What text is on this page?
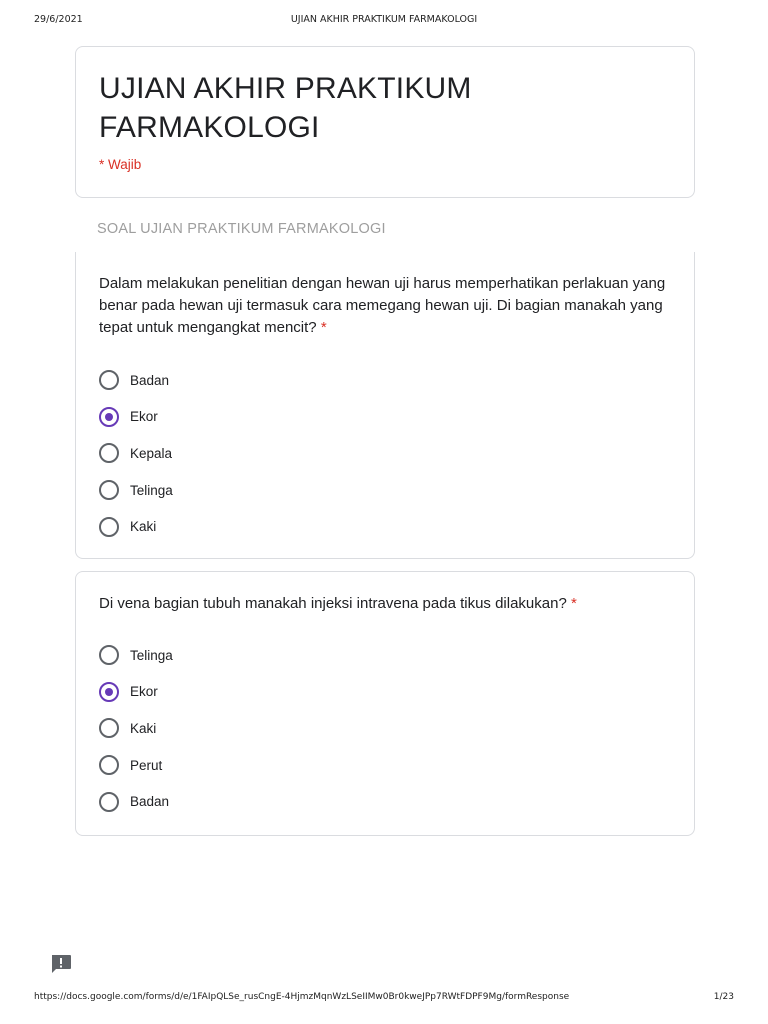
29/6/2021	UJIAN AKHIR PRAKTIKUM FARMAKOLOGI
UJIAN AKHIR PRAKTIKUM FARMAKOLOGI
* Wajib
SOAL UJIAN PRAKTIKUM FARMAKOLOGI
Dalam melakukan penelitian dengan hewan uji harus memperhatikan perlakuan yang benar pada hewan uji termasuk cara memegang hewan uji. Di bagian manakah yang tepat untuk mengangkat mencit? *
Badan
Ekor
Kepala
Telinga
Kaki
Di vena bagian tubuh manakah injeksi intravena pada tikus dilakukan? *
Telinga
Ekor
Kaki
Perut
Badan
https://docs.google.com/forms/d/e/1FAIpQLSe_rusCngE-4HjmzMqnWzLSeIIMw0Br0kweJPp7RWtFDPF9Mg/formResponse	1/23
